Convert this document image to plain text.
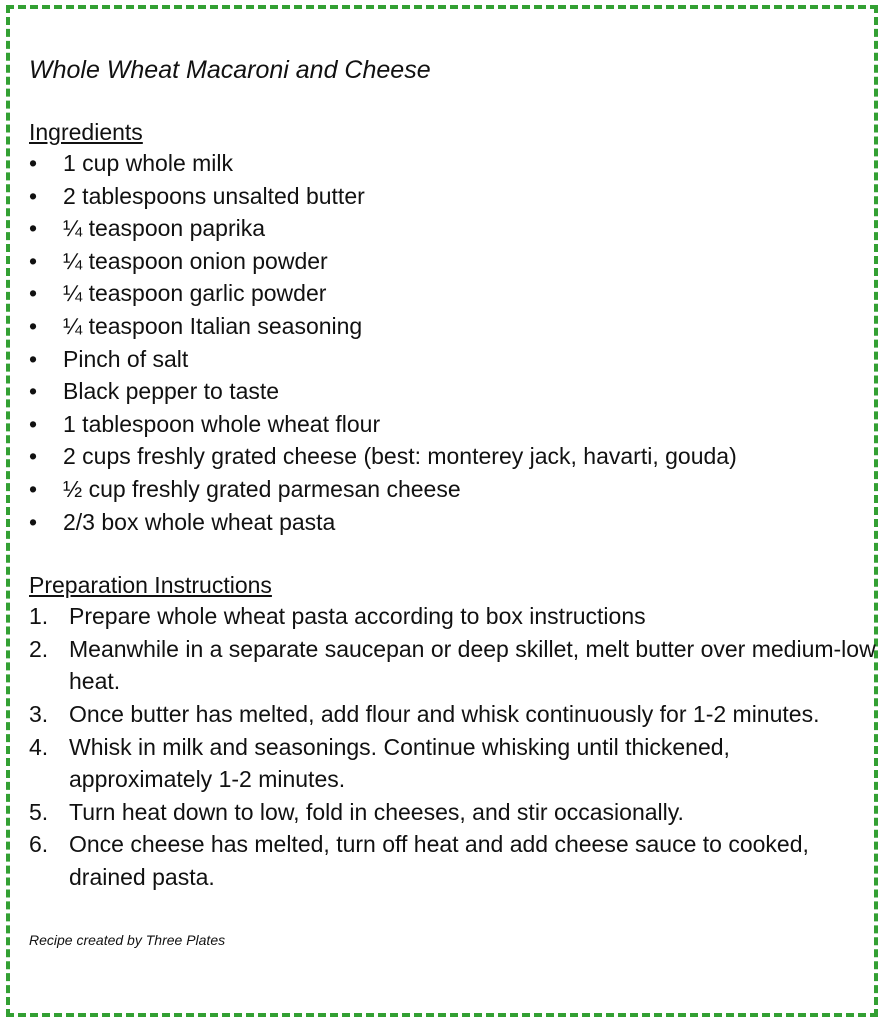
Whole Wheat Macaroni and Cheese
Ingredients
• 1 cup whole milk
• 2 tablespoons unsalted butter
• ¼ teaspoon paprika
• ¼ teaspoon onion powder
• ¼ teaspoon garlic powder
• ¼ teaspoon Italian seasoning
• Pinch of salt
• Black pepper to taste
• 1 tablespoon whole wheat flour
• 2 cups freshly grated cheese (best: monterey jack, havarti, gouda)
• ½ cup freshly grated parmesan cheese
• 2/3 box whole wheat pasta
Preparation Instructions
1. Prepare whole wheat pasta according to box instructions
2. Meanwhile in a separate saucepan or deep skillet, melt butter over medium-low heat.
3. Once butter has melted, add flour and whisk continuously for 1-2 minutes.
4. Whisk in milk and seasonings. Continue whisking until thickened, approximately 1-2 minutes.
5. Turn heat down to low, fold in cheeses, and stir occasionally.
6. Once cheese has melted, turn off heat and add cheese sauce to cooked, drained pasta.
Recipe created by Three Plates
